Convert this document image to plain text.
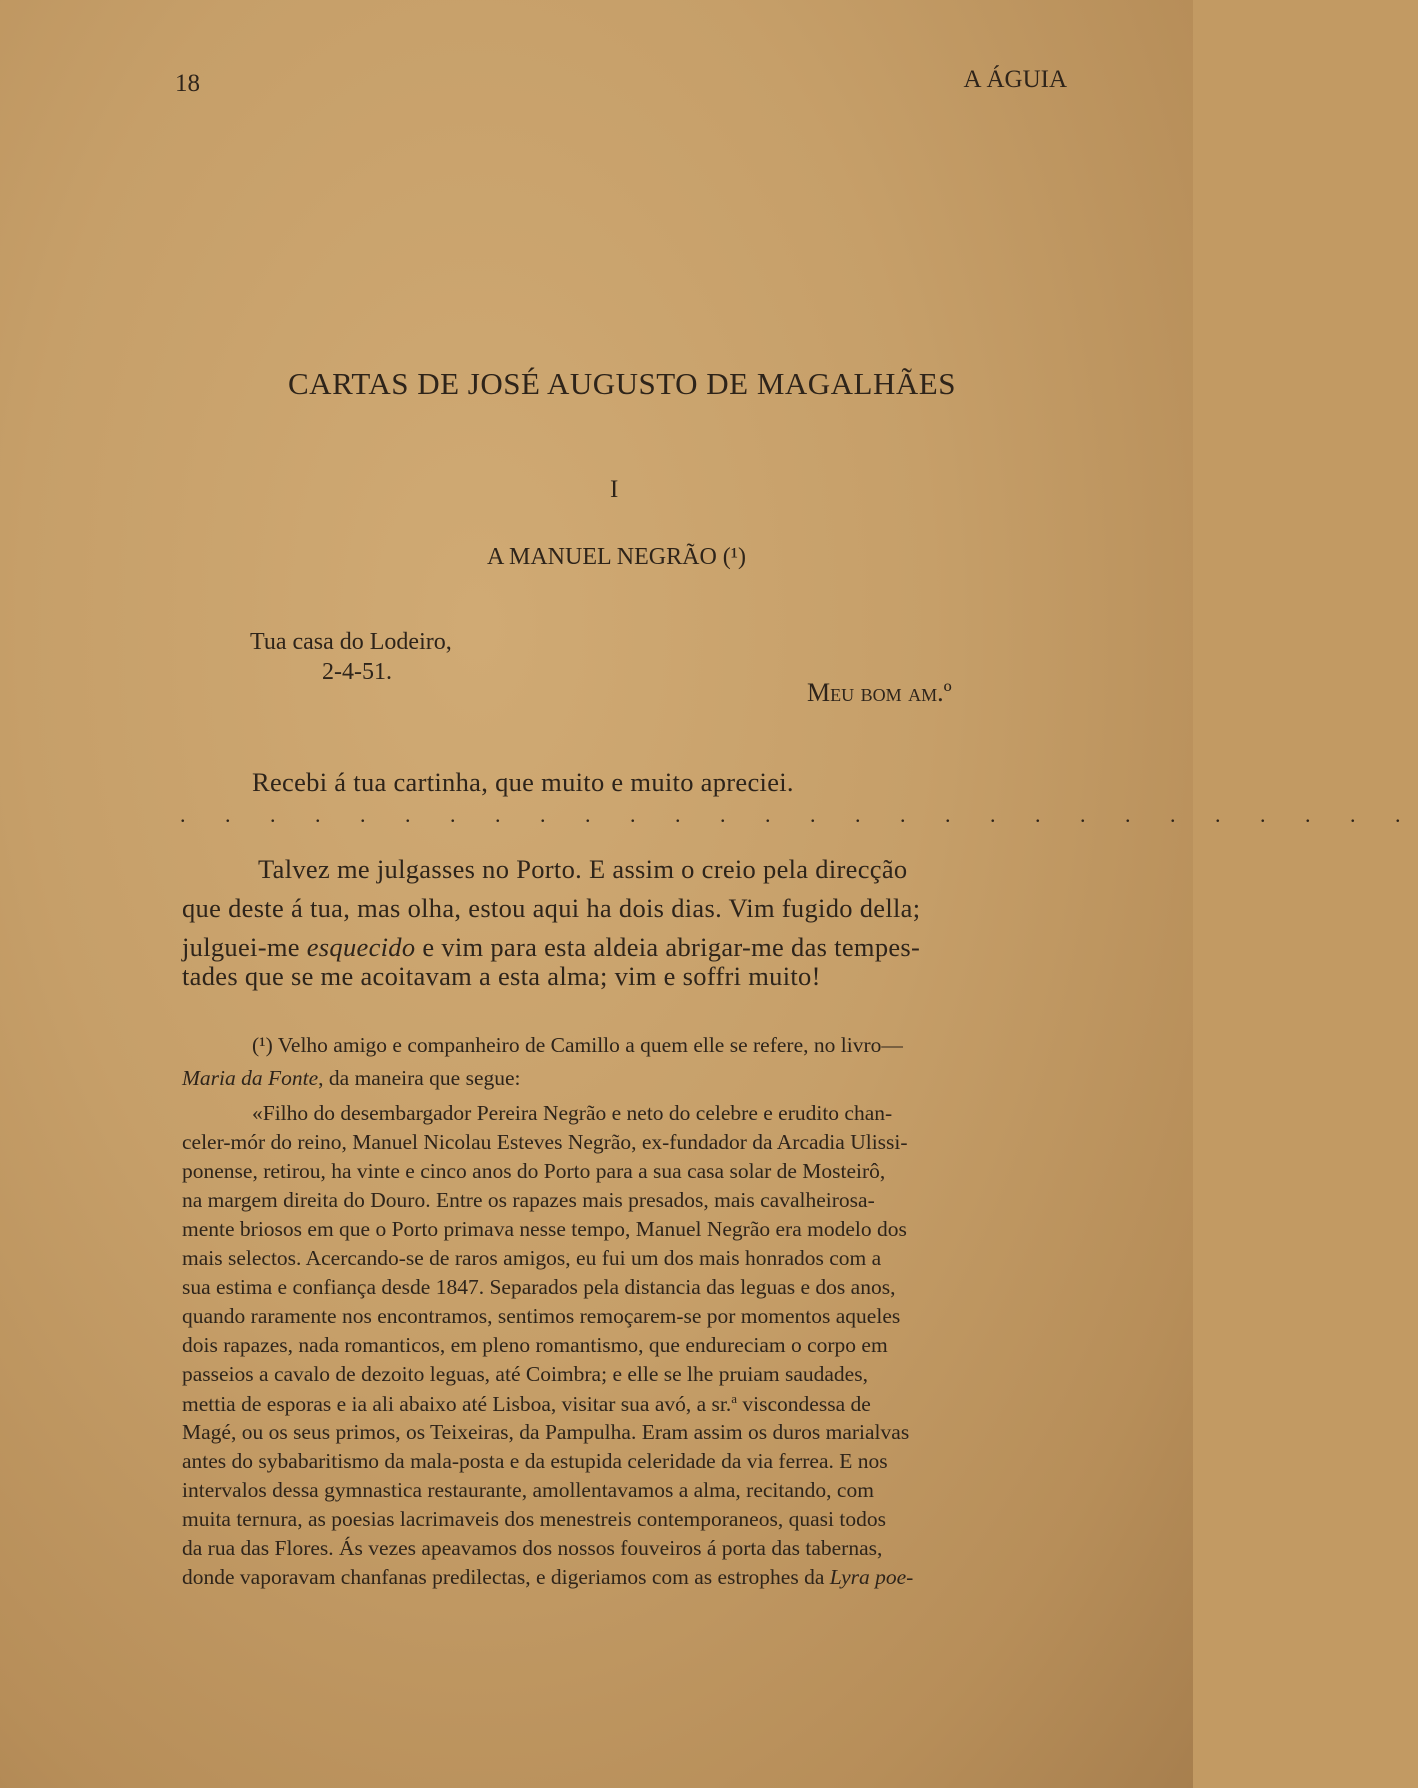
18	A ÁGUIA
CARTAS DE JOSÉ AUGUSTO DE MAGALHÃES
I
A MANUEL NEGRÃO (¹)
Tua casa do Lodeiro,
2-4-51.
Meu bom am.º
Recebi á tua cartinha, que muito e muito apreciei.
. . . . . . . . . . . . . . . . . . . . . . . . . . . .
Talvez me julgasses no Porto. E assim o creio pela direcção
que deste á tua, mas olha, estou aqui ha dois dias. Vim fugido della;
julguei-me esquecido e vim para esta aldeia abrigar-me das tempes-
tades que se me acoitavam a esta alma; vim e soffri muito!
(¹) Velho amigo e companheiro de Camillo a quem elle se refere, no livro—
Maria da Fonte, da maneira que segue:
«Filho do desembargador Pereira Negrão e neto do celebre e erudito chan-
celer-mór do reino, Manuel Nicolau Esteves Negrão, ex-fundador da Arcadia Ulissi-
ponense, retirou, ha vinte e cinco anos do Porto para a sua casa solar de Mosteirô,
na margem direita do Douro. Entre os rapazes mais presados, mais cavalheirosa-
mente briosos em que o Porto primava nesse tempo, Manuel Negrão era modelo dos
mais selectos. Acercando-se de raros amigos, eu fui um dos mais honrados com a
sua estima e confiança desde 1847. Separados pela distancia das leguas e dos anos,
quando raramente nos encontramos, sentimos remoçarem-se por momentos aqueles
dois rapazes, nada romanticos, em pleno romantismo, que endureciam o corpo em
passeios a cavalo de dezoito leguas, até Coimbra; e elle se lhe pruiam saudades,
mettia de esporas e ia ali abaixo até Lisboa, visitar sua avó, a sr.$^a$ viscondessa de
Magé, ou os seus primos, os Teixeiras, da Pampulha. Eram assim os duros marialvas
antes do sybabaritismo da mala-posta e da estupida celeridade da via ferrea. E nos
intervalos dessa gymnastica restaurante, amollentavamos a alma, recitando, com
muita ternura, as poesias lacrimaveis dos menestreis contemporaneos, quasi todos
da rua das Flores. Ás vezes apeavamos dos nossos fouveiros á porta das tabernas,
donde vaporavam chanfanas predilectas, e digeriamos com as estrophes da Lyra poe-
